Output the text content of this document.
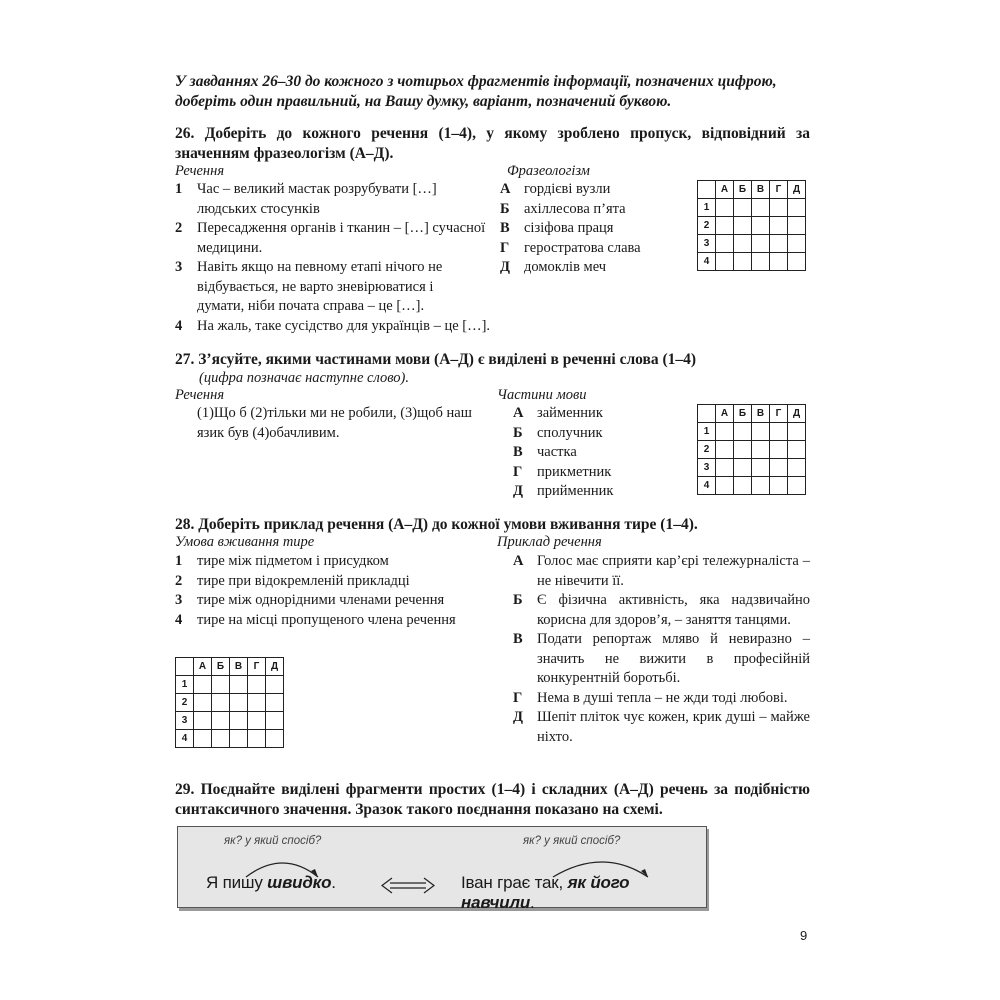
У завданнях 26–30 до кожного з чотирьох фрагментів інформації, позначених цифрою, доберіть один правильний, на Вашу думку, варіант, позначений буквою.
26. Доберіть до кожного речення (1–4), у якому зроблено пропуск, відповідний за значенням фразеологізм (А–Д).
Речення	Фразеологізм
1	Час – великий мастак розрубувати […] людських стосунків
2	Пересадження органів і тканин – […] сучасної медицини.
3	Навіть якщо на певному етапі нічого не відбувається, не варто зневірюватися і думати, ніби почата справа – це […].
4	На жаль, таке сусідство для українців – це […].
А гордієві вузли
Б ахіллесова п’ята
В сізіфова праця
Г	геростратова слава
Д домоклів меч
	А	Б	В	Г	Д
1					
2					
3					
4					
27. З’ясуйте, якими частинами мови (А–Д) є виділені в реченні слова (1–4)
(цифра позначає наступне слово).
Речення	Частини мови
(1)Що б (2)тільки ми не робили, (3)щоб наш язик був (4)обачливим.
А займенник
Б сполучник
В частка
Г	прикметник
Д прийменник
	А	Б	В	Г	Д
1					
2					
3					
4					
28. Доберіть приклад речення (А–Д) до кожної умови вживання тире (1–4).
Умова вживання тире	Приклад речення
1	тире між підметом і присудком
2	тире при відокремленій прикладці
3	тире між однорідними членами речення
4	тире на місці пропущеного члена речення
	А	Б	В	Г	Д
1					
2					
3					
4					
А Голос має сприяти кар’єрі тележурналіста – не нівечити її.
Б Є фізична активність, яка надзвичайно корисна для здоров’я, – заняття танцями.
В Подати репортаж мляво й невиразно – значить не вижити в професійній конкурентній боротьбі.
Г	Нема в душі тепла – не жди тоді любові.
Д Шепіт пліток чує кожен, крик душі – майже ніхто.
29. Поєднайте виділені фрагменти простих (1–4) і складних (А–Д) речень за подібністю синтаксичного значення. Зразок такого поєднання показано на схемі.
як? у який спосіб?
Я пишу швидко.
як? у який спосіб?
Іван грає так, як його навчили.
9
